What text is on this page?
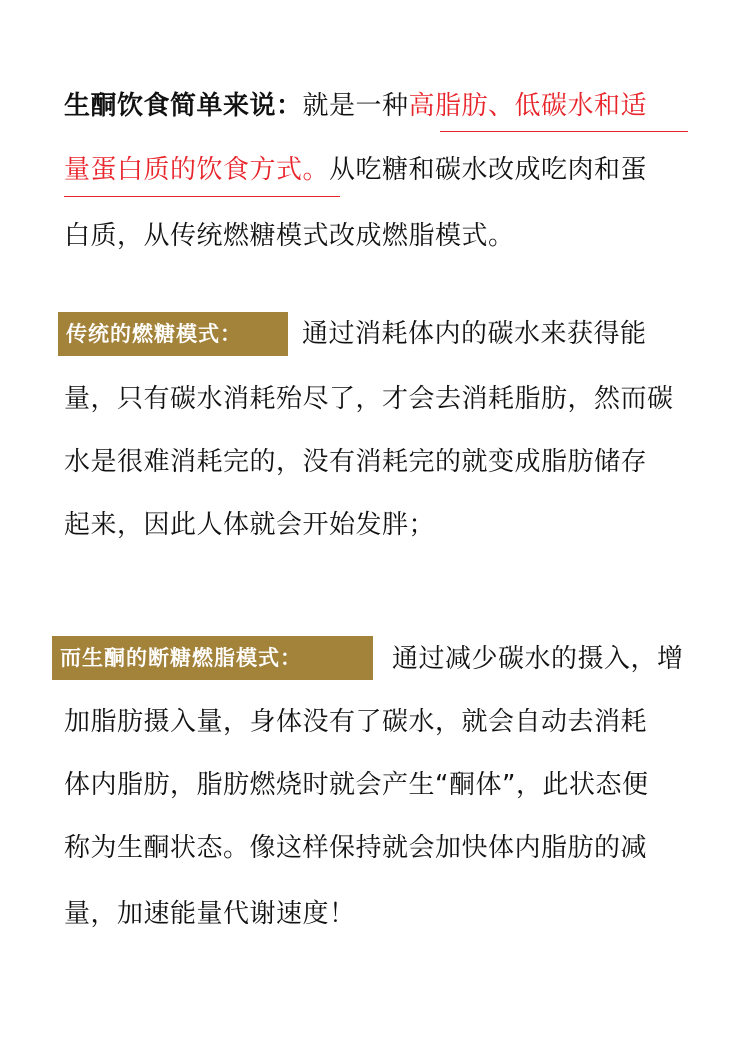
生酮饮食简单来说：就是一种高脂肪、低碳水和适
量蛋白质的饮食方式。从吃糖和碳水改成吃肉和蛋
白质，从传统燃糖模式改成燃脂模式。
传统的燃糖模式：	通过消耗体内的碳水来获得能
量，只有碳水消耗殆尽了，才会去消耗脂肪，然而碳
水是很难消耗完的，没有消耗完的就变成脂肪储存
起来，因此人体就会开始发胖；
而生酮的断糖燃脂模式：	通过减少碳水的摄入，增
加脂肪摄入量，身体没有了碳水，就会自动去消耗
体内脂肪，脂肪燃烧时就会产生“酮体”，此状态便
称为生酮状态。像这样保持就会加快体内脂肪的减
量，加速能量代谢速度！
